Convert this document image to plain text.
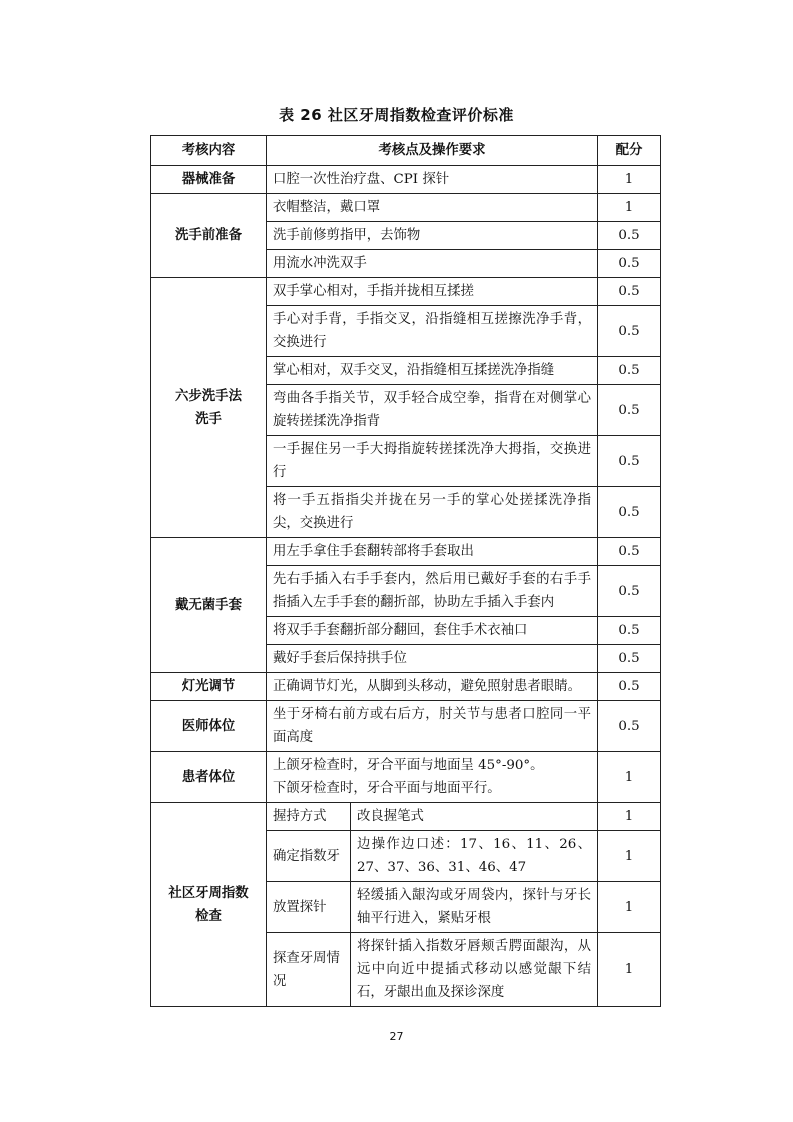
表 26 社区牙周指数检查评价标准
考核内容	考核点及操作要求		配分
器械准备	口腔一次性治疗盘、CPI 探针		1
洗手前准备	衣帽整洁，戴口罩		1
	洗手前修剪指甲，去饰物		0.5
	用流水冲洗双手		0.5

六步洗手法
洗手	双手掌心相对，手指并拢相互揉搓		0.5
	手心对手背，手指交叉，沿指缝相互搓擦洗净手背，交换进行		0.5
	掌心相对，双手交叉，沿指缝相互揉搓洗净指缝		0.5
	弯曲各手指关节，双手轻合成空拳，指背在对侧掌心旋转搓揉洗净指背		0.5
	一手握住另一手大拇指旋转搓揉洗净大拇指，交换进行		0.5
	将一手五指指尖并拢在另一手的掌心处搓揉洗净指尖，交换进行		0.5
戴无菌手套	用左手拿住手套翻转部将手套取出		0.5
	先右手插入右手手套内，然后用已戴好手套的右手手指插入左手手套的翻折部，协助左手插入手套内		0.5
	将双手手套翻折部分翻回，套住手术衣袖口		0.5
	戴好手套后保持拱手位		0.5
灯光调节	正确调节灯光，从脚到头移动，避免照射患者眼睛。		0.5
医师体位	坐于牙椅右前方或右后方，肘关节与患者口腔同一平面高度		0.5
患者体位	上颌牙检查时，牙合平面与地面呈 45°-90°。
下颌牙检查时，牙合平面与地面平行。		1

社区牙周指数
检查	握持方式	改良握笔式	1
	确定指数牙	边操作边口述：17、16、11、26、27、37、36、31、46、47	1
	放置探针	轻缓插入龈沟或牙周袋内，探针与牙长轴平行进入，紧贴牙根	1
	探查牙周情况	将探针插入指数牙唇颊舌腭面龈沟，从远中向近中提插式移动以感觉龈下结石，牙龈出血及探诊深度	1
27
